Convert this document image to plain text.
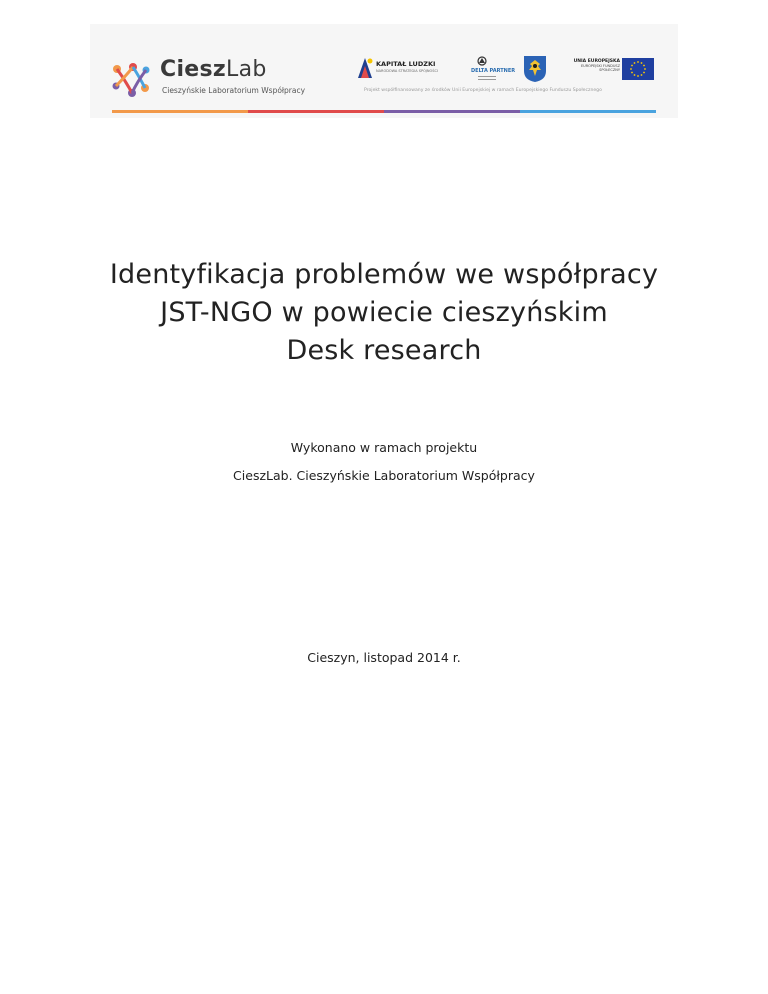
CieszLab
Cieszyńskie Laboratorium Współpracy
KAPITAŁ LUDZKI
NARODOWA STRATEGIA SPÓJNOŚCI	DELTA PARTNER
UNIA EUROPEJSKA
EUROPEJSKI FUNDUSZ SPOŁECZNY
Projekt współfinansowany ze środków Unii Europejskiej w ramach Europejskiego Funduszu Społecznego
Identyfikacja problemów we współpracy
JST-NGO w powiecie cieszyńskim
Desk research
Wykonano w ramach projektu
CieszLab. Cieszyńskie Laboratorium Współpracy
Cieszyn, listopad 2014 r.
